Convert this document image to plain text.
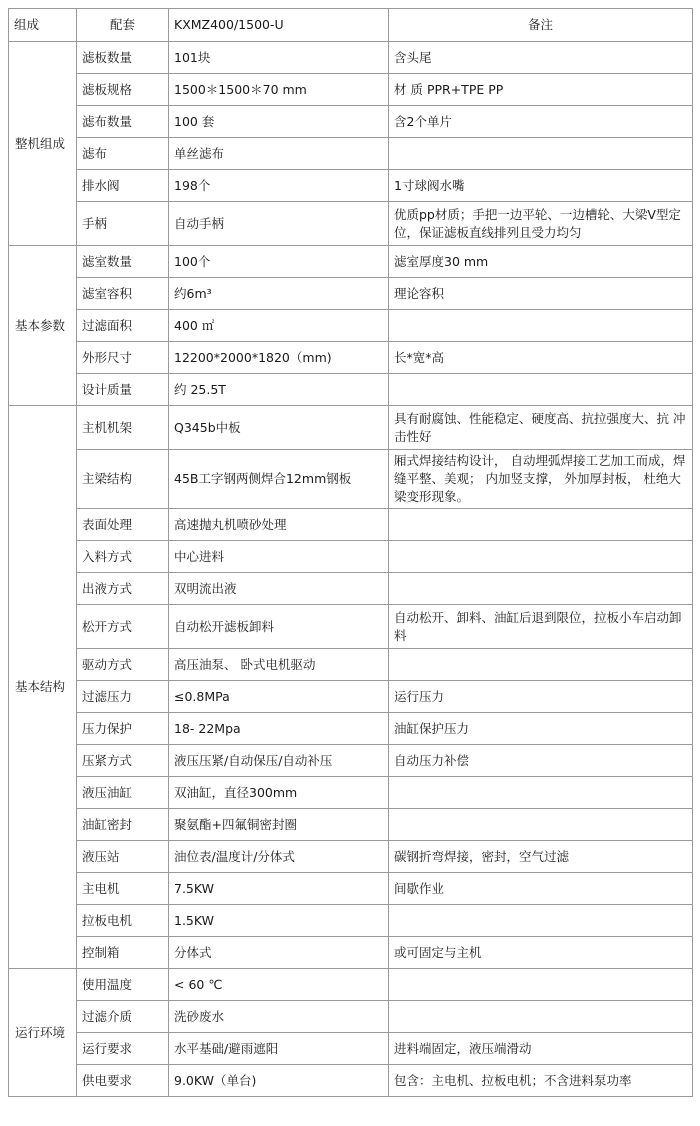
组成	配套	KXMZ400/1500-U	备注
整机组成	滤板数量	101块	含头尾
	滤板规格	1500＊1500＊70 mm	材 质 PPR+TPE PP
	滤布数量	100 套	含2个单片
	滤布	单丝滤布	
	排水阀	198个	1寸球阀水嘴
	手柄	自动手柄	优质pp材质；手把一边平轮、一边槽轮、大梁V型定位，保证滤板直线排列且受力均匀
基本参数	滤室数量	100个	滤室厚度30 mm
	滤室容积	约6m³	理论容积
	过滤面积	400 ㎡	
	外形尺寸	12200*2000*1820（mm)	长*宽*高
	设计质量	约 25.5T	
基本结构	主机机架	Q345b中板	具有耐腐蚀、性能稳定、硬度高、抗拉强度大、抗 冲击性好
	主梁结构	45B工字钢两侧焊合12mm钢板	厢式焊接结构设计， 自动埋弧焊接工艺加工而成，焊缝平整、美观； 内加竖支撑， 外加厚封板， 杜绝大梁变形现象。
	表面处理	高速抛丸机喷砂处理	
	入料方式	中心进料	
	出液方式	双明流出液	
	松开方式	自动松开滤板卸料	自动松开、卸料、油缸后退到限位，拉板小车启动卸料
	驱动方式	高压油泵、 卧式电机驱动	
	过滤压力	≤0.8MPa	运行压力
	压力保护	18- 22Mpa	油缸保护压力
	压紧方式	液压压紧/自动保压/自动补压	自动压力补偿
	液压油缸	双油缸，直径300mm	
	油缸密封	聚氨酯+四氟铜密封圈	
	液压站	油位表/温度计/分体式	碳钢折弯焊接，密封，空气过滤
	主电机	7.5KW	间歇作业
	拉板电机	1.5KW	
	控制箱	分体式	或可固定与主机
运行环境	使用温度	< 60 ℃	
	过滤介质	洗砂废水	
	运行要求	水平基础/避雨遮阳	进料端固定，液压端滑动
	供电要求	9.0KW（单台)	包含：主电机、拉板电机；不含进料泵功率
